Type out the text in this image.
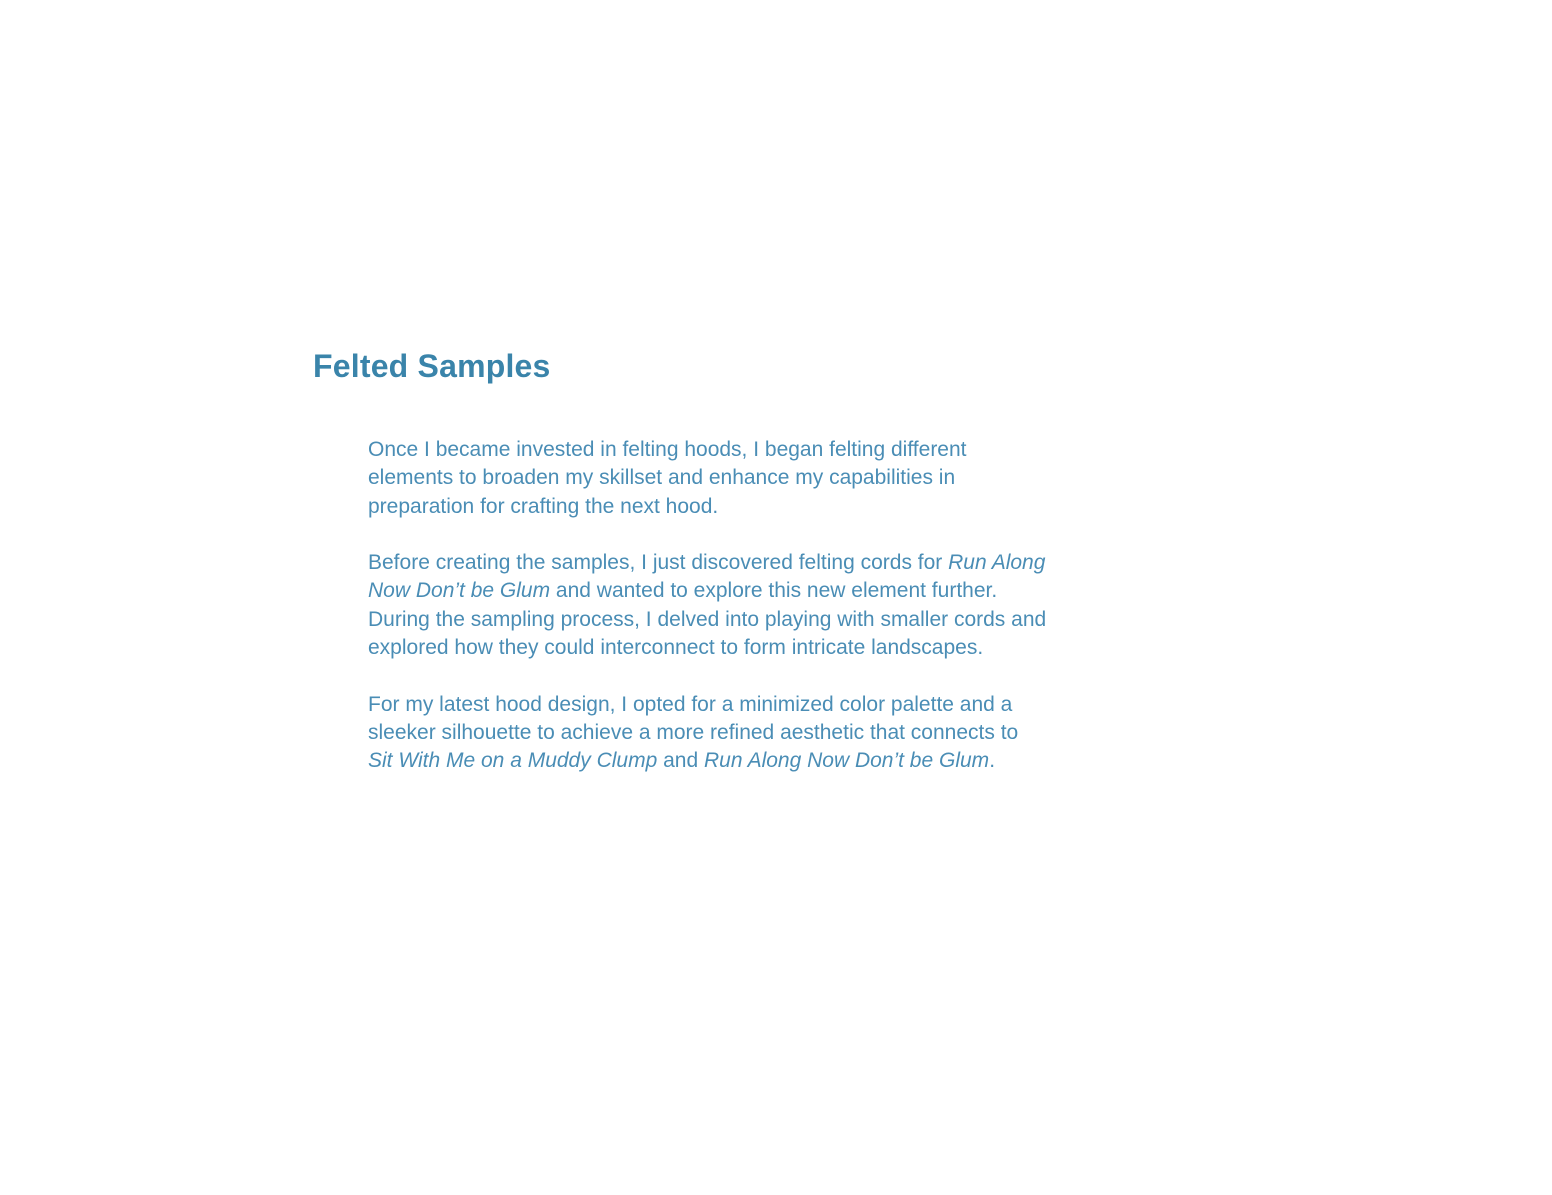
Felted Samples

Once I became invested in felting hoods, I began felting different
elements to broaden my skillset and enhance my capabilities in
preparation for crafting the next hood.

Before creating the samples, I just discovered felting cords for Run Along
Now Don’t be Glum and wanted to explore this new element further.
During the sampling process, I delved into playing with smaller cords and
explored how they could interconnect to form intricate landscapes.

For my latest hood design, I opted for a minimized color palette and a
sleeker silhouette to achieve a more refined aesthetic that connects to
Sit With Me on a Muddy Clump and Run Along Now Don’t be Glum.
